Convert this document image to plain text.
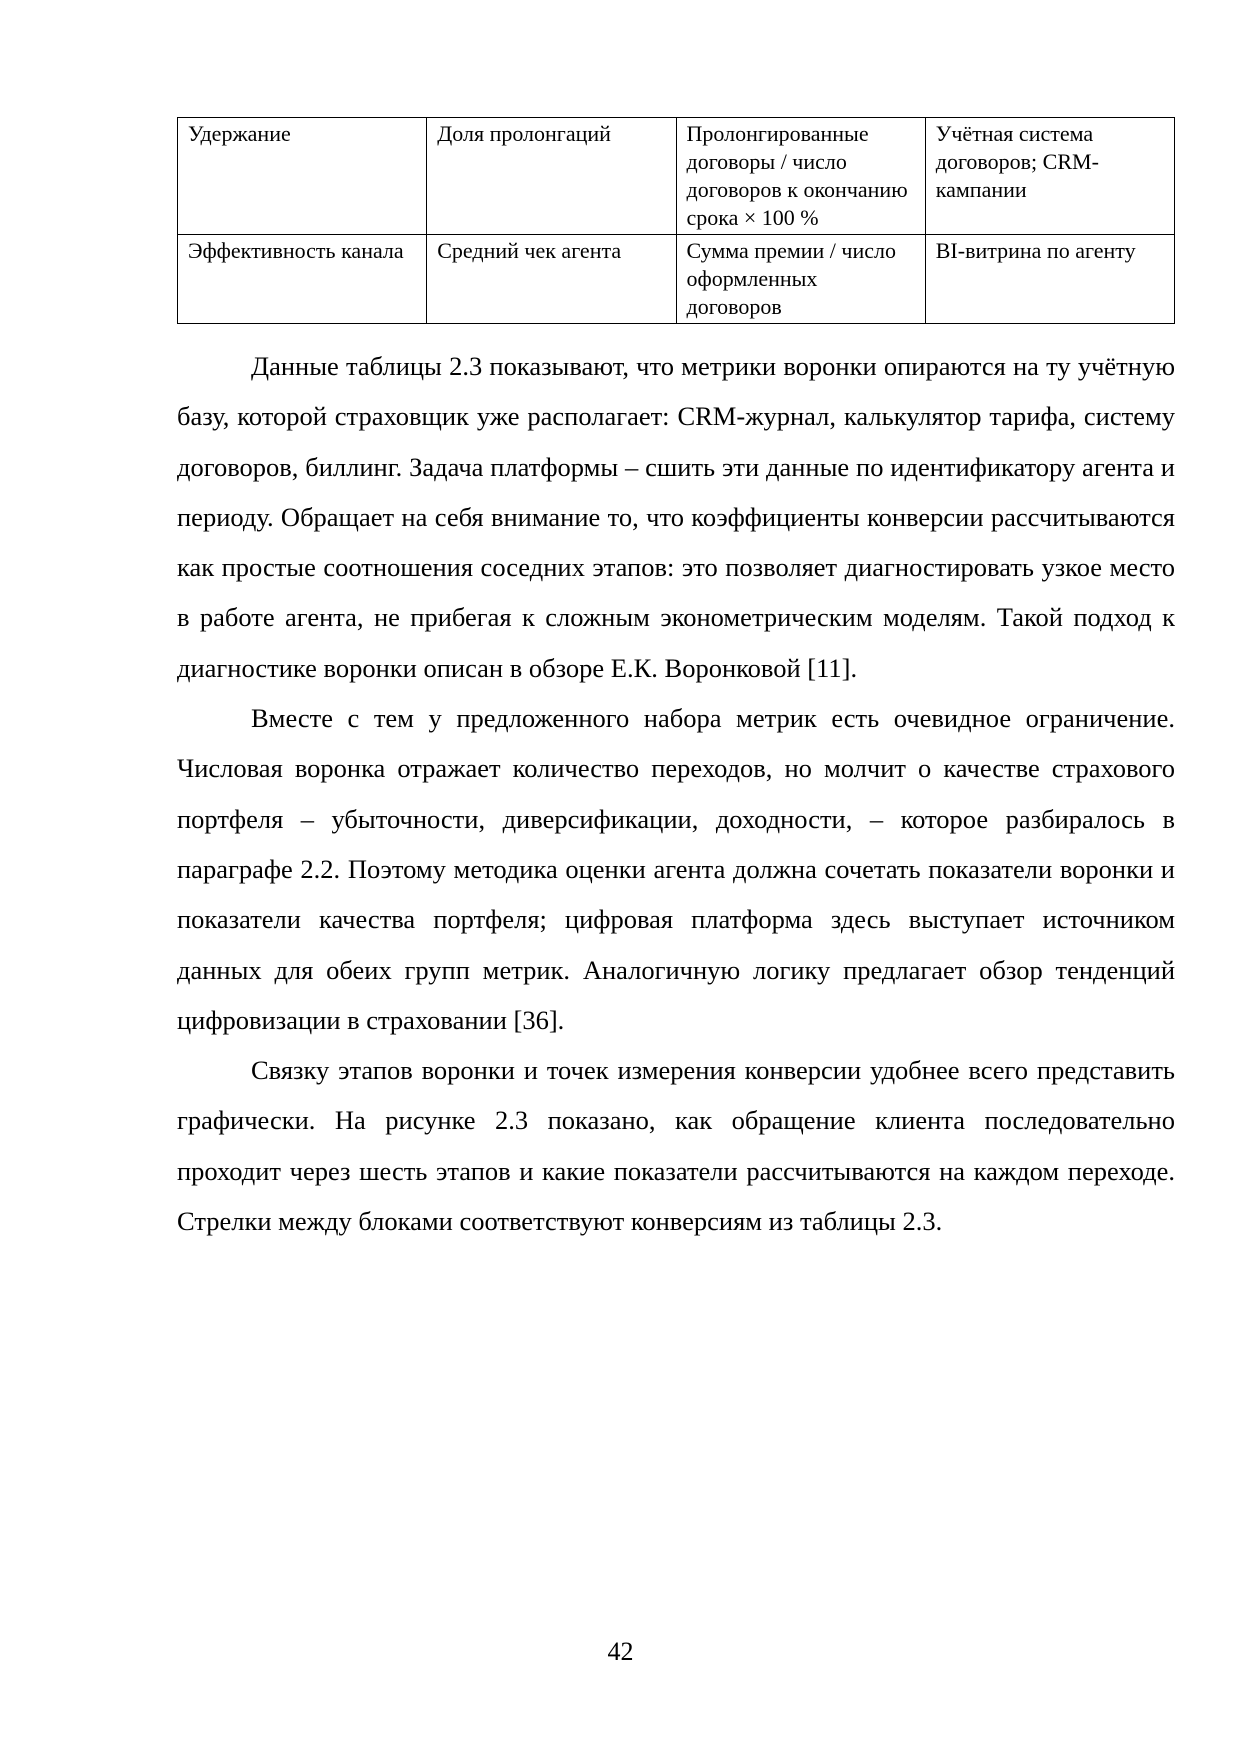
Удержание	Доля пролонгаций	Пролонгированные договоры / число договоров к окончанию срока × 100 %	Учётная система договоров; CRM-кампании
Эффективность канала	Средний чек агента	Сумма премии / число оформленных договоров	BI-витрина по агенту

Данные таблицы 2.3 показывают, что метрики воронки опираются на ту учётную базу, которой страховщик уже располагает: CRM-журнал, калькулятор тарифа, систему договоров, биллинг. Задача платформы – сшить эти данные по идентификатору агента и периоду. Обращает на себя внимание то, что коэффициенты конверсии рассчитываются как простые соотношения соседних этапов: это позволяет диагностировать узкое место в работе агента, не прибегая к сложным эконометрическим моделям. Такой подход к диагностике воронки описан в обзоре Е.К. Воронковой [11].

Вместе с тем у предложенного набора метрик есть очевидное ограничение. Числовая воронка отражает количество переходов, но молчит о качестве страхового портфеля – убыточности, диверсификации, доходности, – которое разбиралось в параграфе 2.2. Поэтому методика оценки агента должна сочетать показатели воронки и показатели качества портфеля; цифровая платформа здесь выступает источником данных для обеих групп метрик. Аналогичную логику предлагает обзор тенденций цифровизации в страховании [36].

Связку этапов воронки и точек измерения конверсии удобнее всего представить графически. На рисунке 2.3 показано, как обращение клиента последовательно проходит через шесть этапов и какие показатели рассчитываются на каждом переходе. Стрелки между блоками соответствуют конверсиям из таблицы 2.3.

42
